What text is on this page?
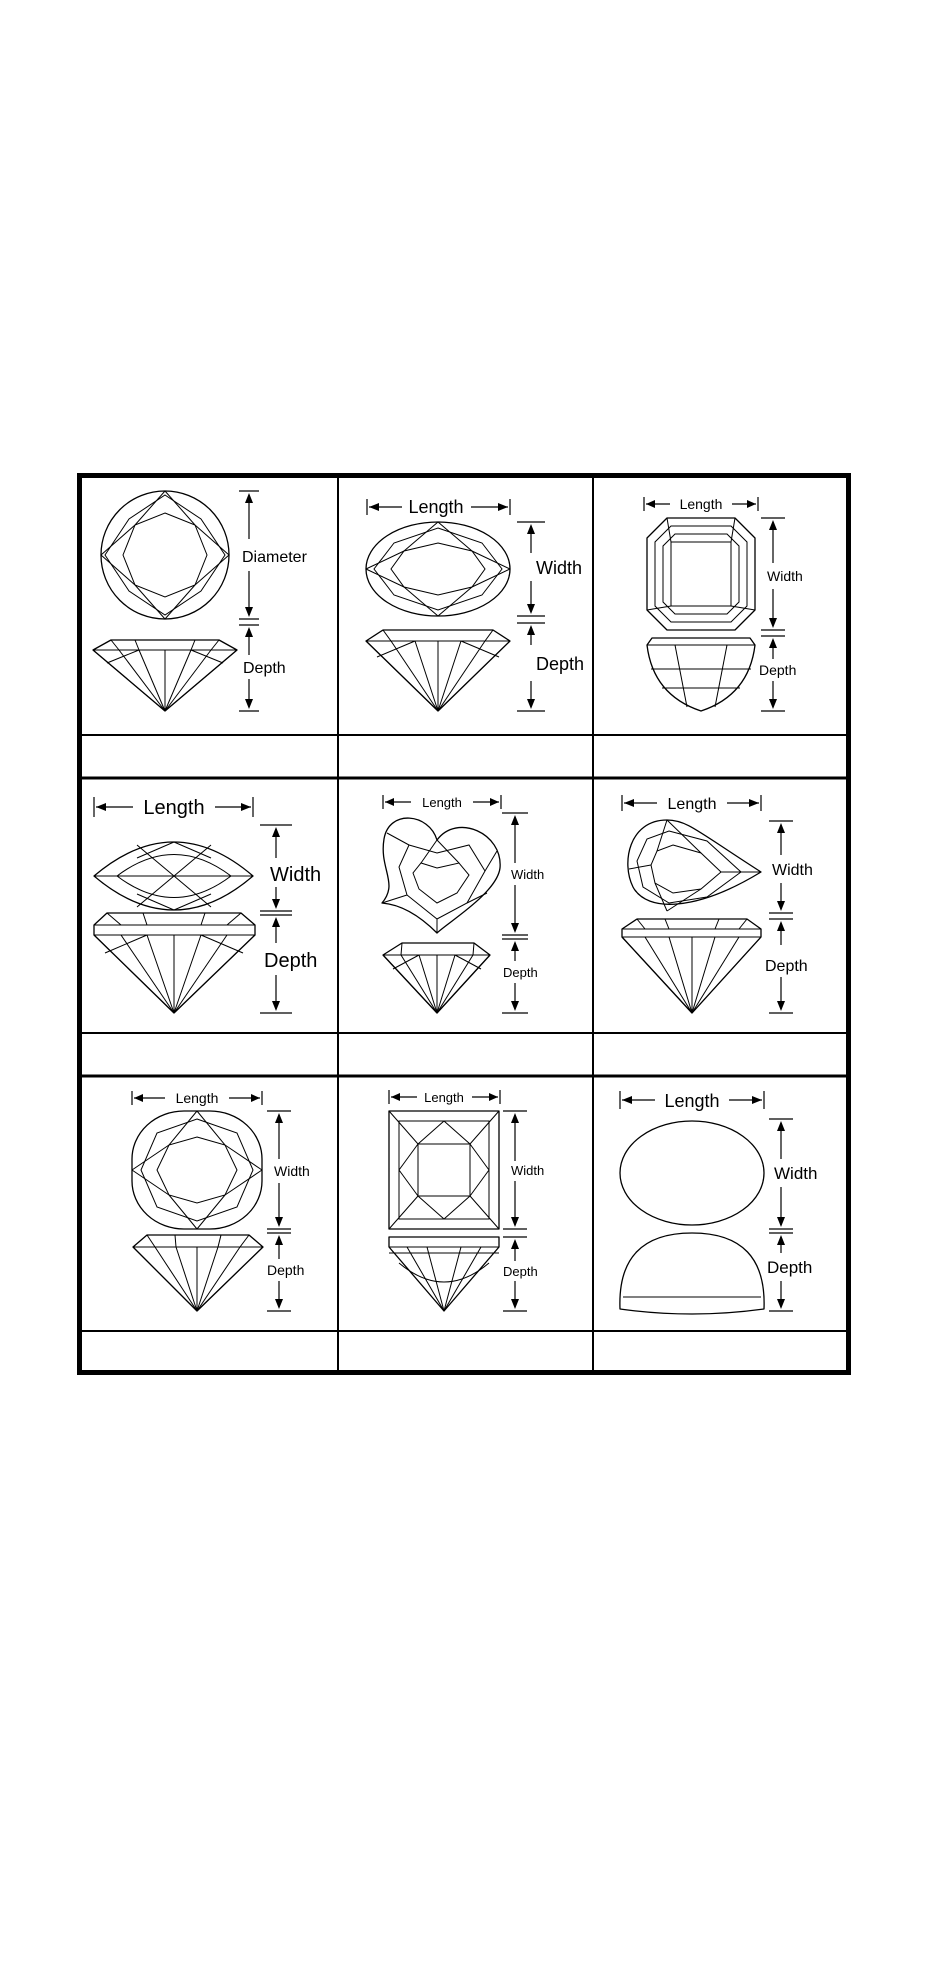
Diameter
Depth
Length
Width
Depth
Length
Width
Depth
Length
Width
Depth
Length
Width
Depth
Length
Width
Depth
Length
Width
Depth
Length
Width
Depth
Length
Width
Depth
